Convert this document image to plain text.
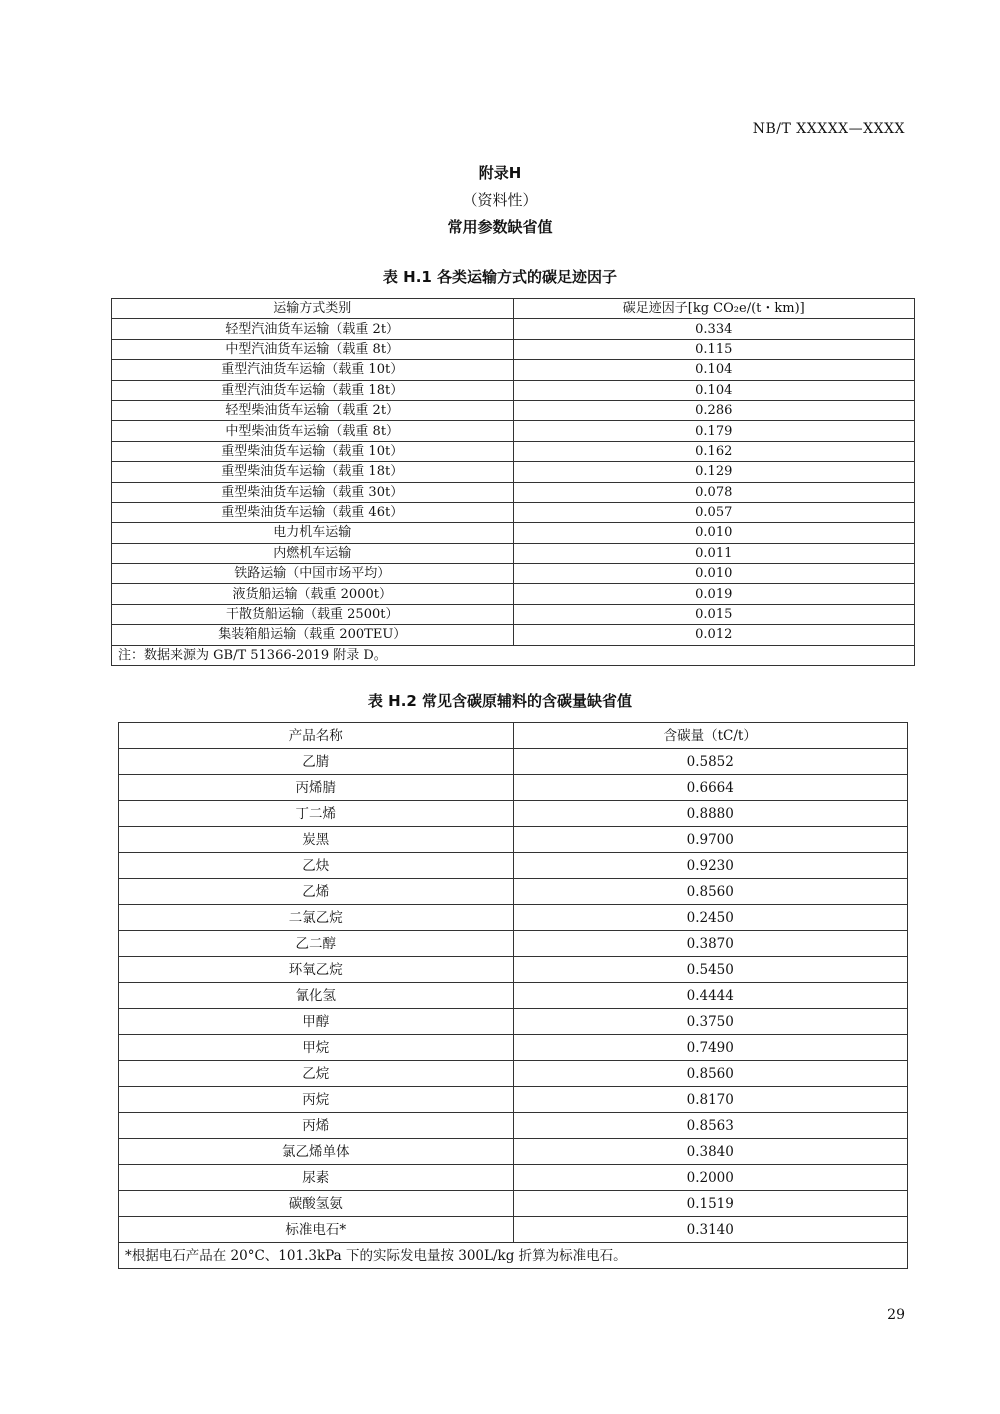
NB/T XXXXX—XXXX
附录H
（资料性）
常用参数缺省值
表 H.1 各类运输方式的碳足迹因子
运输方式类别	碳足迹因子[kg CO₂e/(t・km)]
轻型汽油货车运输（载重 2t）	0.334
中型汽油货车运输（载重 8t）	0.115
重型汽油货车运输（载重 10t）	0.104
重型汽油货车运输（载重 18t）	0.104
轻型柴油货车运输（载重 2t）	0.286
中型柴油货车运输（载重 8t）	0.179
重型柴油货车运输（载重 10t）	0.162
重型柴油货车运输（载重 18t）	0.129
重型柴油货车运输（载重 30t）	0.078
重型柴油货车运输（载重 46t）	0.057
电力机车运输	0.010
内燃机车运输	0.011
铁路运输（中国市场平均）	0.010
液货船运输（载重 2000t）	0.019
干散货船运输（载重 2500t）	0.015
集装箱船运输（载重 200TEU）	0.012
注：数据来源为 GB/T 51366-2019 附录 D。	
表 H.2 常见含碳原辅料的含碳量缺省值
产品名称	含碳量（tC/t）
乙腈	0.5852
丙烯腈	0.6664
丁二烯	0.8880
炭黑	0.9700
乙炔	0.9230
乙烯	0.8560
二氯乙烷	0.2450
乙二醇	0.3870
环氧乙烷	0.5450
氰化氢	0.4444
甲醇	0.3750
甲烷	0.7490
乙烷	0.8560
丙烷	0.8170
丙烯	0.8563
氯乙烯单体	0.3840
尿素	0.2000
碳酸氢氨	0.1519
标准电石*	0.3140
*根据电石产品在 20°C、101.3kPa 下的实际发电量按 300L/kg 折算为标准电石。	
29
